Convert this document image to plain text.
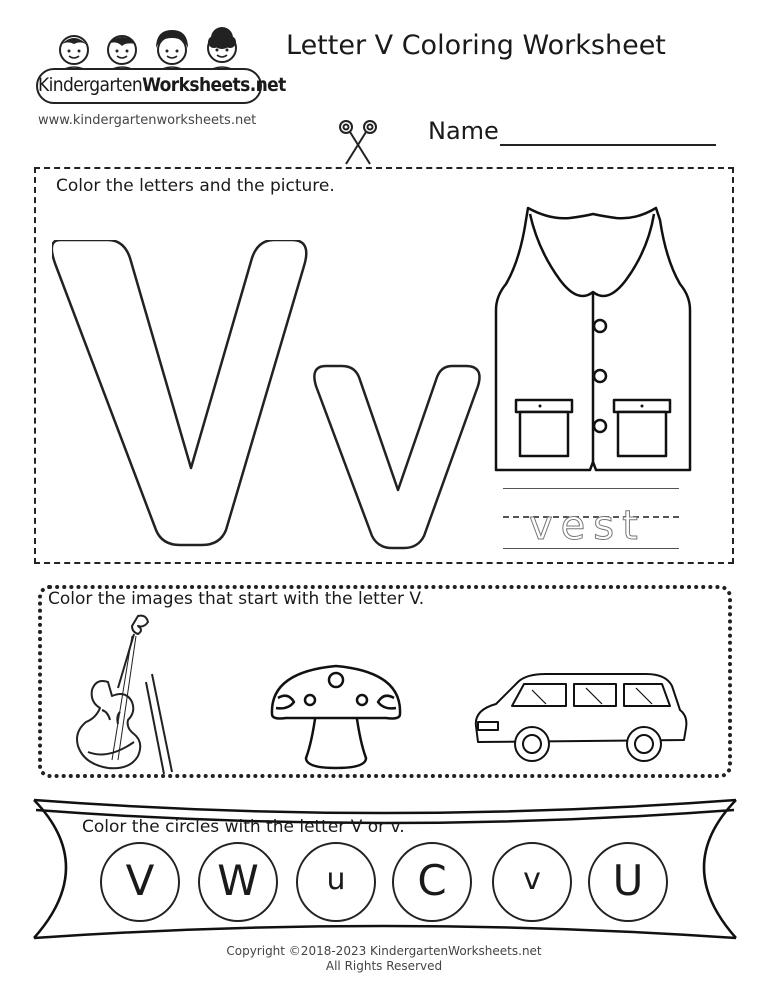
KindergartenWorksheets.net
www.kindergartenworksheets.net
Letter V Coloring Worksheet
Name
Color the letters and the picture.
vest
Color the images that start with the letter V.
Color the circles with the letter V or v.
V	W	u	C	v	U
Copyright ©2018-2023 KindergartenWorksheets.net
All Rights Reserved
